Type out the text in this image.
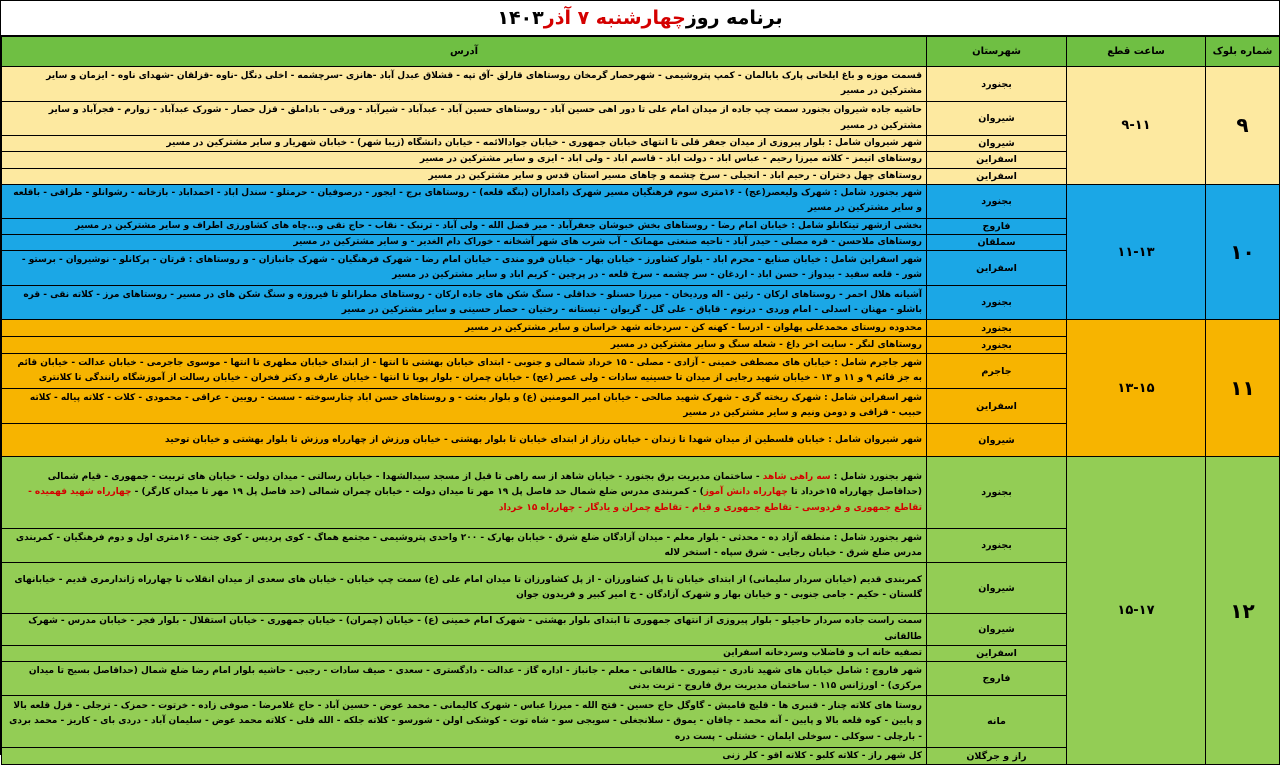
برنامه روز
چهارشنبه ۷ آذر
۱۴۰۳
شماره بلوک	ساعت قطع	شهرستان	آدرس
۹	۹-۱۱	بجنورد	قسمت موزه و باغ ایلخانی پارک بابالمان - کمپ پتروشیمی - شهرحصار گرمخان روستاهای قارلق -آق تپه - قشلاق عبدل آباد -هانزی -سرچشمه - اخلی دنگل -ناوه -قزلقان -شهدای ناوه - ایزمان و سایر مشترکین در مسیر
		شیروان	حاشیه جاده شیروان بجنورد سمت چپ جاده از میدان امام علی تا دور اهی حسین آباد - روستاهای حسین آباد - عبدآباد - شیرآباد - ورقی - باداملق - قزل حصار - شورک عبدآباد - زوارم - فجرآباد و سایر مشترکین در مسیر
		شیروان	شهر شیروان شامل : بلوار پیروزی از میدان جعفر قلی تا انتهای خیابان جمهوری - خیابان جوادالائمه - خیابان دانشگاه (زیبا شهر) - خیابان شهریار و سایر مشترکین در مسیر
		اسفراین	روستاهای اتیمز - کلاته میرزا رحیم - عباس اباد - دولت اباد - قاسم اباد - ولی اباد - ایزی و سایر مشترکین در مسیر
		اسفراین	روستاهای چهل دختران - رحیم اباد - انجیلی - سرخ چشمه و چاهای مسیر استان قدس و سایر مشترکین در مسیر
۱۰	۱۱-۱۳	بجنورد	شهر بجنورد شامل : شهرک ولیعصر(عج) - ۱۶متری سوم فرهنگیان مسیر شهرک دامداران (بنگه قلعه) - روستاهای برج - ایجور - درصوفیان - حرمتلو - سندل اباد - احمداباد - بازخانه - رشوانلو - طراقی - باقلعه و سایر مشترکین در مسیر
		فاروج	بخشی ازشهر تیتکانلو شامل : خیابان امام رضا - روستاهای بخش خبوشان جعفرآباد - میر قضل الله - ولی آباد - ترنبک - نقاب - حاج نقی و...چاه های کشاورزی اطراف و سایر مشترکین در مسیر
		سملقان	روستاهای ملاحسن - قره مصلی - حیدر آباد - ناحیه صنعتی مهمانک - آب شرب های شهر آشخانه - خوراک دام الغدیر - و سایر مشترکین در مسیر
		اسفراین	شهر اسفراین شامل : خیابان صنایع - محرم اباد - بلوار کشاورز - خیابان بهار - خیابان فرو مندی - خیابان امام رضا - شهرک فرهنگیان - شهرک جانبازان - و روستاهای : قرتان - پرکانلو - نوشیروان - برستو - شور - قلعه سفید - بیدواز - حسن اباد - اردغان - سر چشمه - سرخ قلعه - در پرچین - کریم اباد و سایر مشترکین در مسیر
		بجنورد	آشیانه هلال احمر - روستاهای ارکان - رئین - اله وردیخان - میرزا حسنلو - خداقلی - سنگ شکن های جاده ارکان - روستاهای مطرانلو تا فیروزه و سنگ شکن های در مسیر - روستاهای مرز - کلاته نقی - قره باشلو - مهنان - اسدلی - امام وردی - درنوم - قاپاق - علی گل - گریوان - تیستانه - رختیان - حصار حسینی و سایر مشترکین در مسیر
۱۱	۱۳-۱۵	بجنورد	محدوده روستای محمدعلی پهلوان - ادرسا - کهنه کن - سردخانه شهد خراسان و سایر مشترکین در مسیر
		بجنورد	روستاهای لنگر - سایت اخر داغ - شعله سنگ و سایر مشترکین در مسیر
		جاجرم	شهر جاجرم شامل : خیابان های مصطفی خمینی - آزادی - مصلی - ۱۵ خرداد شمالی و جنوبی - ابتدای خیابان بهشتی تا انتها - از ابتدای خیابان مطهری تا انتها - موسوی جاجرمی - خیابان عدالت - خیابان قائم به جز قائم ۹ و ۱۱ و ۱۳ - خیابان شهید رجایی از میدان تا حسینیه سادات - ولی عصر (عج) - خیابان چمران - بلوار پویا تا انتها - خیابان عارف و دکتر فخران - خیابان رسالت از آموزشگاه رانندگی تا کلانتری
		اسفراین	شهر اسفراین شامل : شهرک ریخته گری - شهرک شهید صالحی - خیابان امیر المومنین (ع) و بلوار بعثت - و روستاهای حسن اباد چنارسوخته - سست - رویین - عراقی - محمودی - کلات - کلاته پیاله - کلاته حبیب - قزاقی و دومن ونیم و سایر مشترکین در مسیر
		شیروان	شهر شیروان شامل : خیابان فلسطین از میدان شهدا تا زندان - خیابان رزاز از ابتدای خیابان تا بلوار بهشتی - خیابان ورزش از چهارراه ورزش تا بلوار بهشتی و خیابان توحید
۱۲	۱۵-۱۷	بجنورد	شهر بجنورد شامل : سه راهی شاهد - ساختمان مدیریت برق بجنورد - خیابان شاهد از سه راهی تا قبل از مسجد سیدالشهدا - خیابان رسالتی - میدان دولت - خیابان های تربیت - جمهوری - قیام شمالی (حداقاصل چهارراه ۱۵خرداد تا چهارراه دانش آموز) - کمربندی مدرس ضلع شمال حد فاصل پل ۱۹ مهر تا میدان دولت - خیابان چمران شمالی (حد فاصل پل ۱۹ مهر تا میدان کارگر) - چهارراه شهید فهمیده - تقاطع جمهوری و فردوسی - تقاطع جمهوری و قیام - تقاطع چمران و یادگار - چهارراه ۱۵ خرداد
		بجنورد	شهر بجنورد شامل : منطقه آزاد ده - محدثی - بلوار معلم - میدان آزادگان ضلع شرق - خیابان بهارک - ۲۰۰ واحدی پتروشیمی - مجتمع هماگ - کوی پردیس - کوی جنت - ۱۶متری اول و دوم فرهنگیان - کمربندی مدرس ضلع شرق - خیابان رجایی - شرق سپاه - استخر لاله
		شیروان	کمربندی قدیم (خیابان سردار سلیمانی) از ابتدای خیابان تا پل کشاورزان - از پل کشاورزان تا میدان امام علی (ع) سمت چپ خیابان - خیابان های سعدی از میدان انقلاب تا چهارراه ژاندارمری قدیم - خیابانهای گلستان - حکیم - جامی جنوبی - و خیابان بهار و شهرک آزادگان - خ امیر کبیر و فریدون جوان
		شیروان	سمت راست جاده سردار حاجیلو - بلوار پیروزی از انتهای جمهوری تا ابتدای بلوار بهشتی - شهرک امام خمینی (ع) - خیابان (چمران) - خیابان جمهوری - خیابان استقلال - بلوار فجر - خیابان مدرس - شهرک طالقانی
		اسفراین	تصفیه خانه اب و فاضلاب وسردخانه اسفراین
		فاروج	شهر فاروج : شامل خیابان های شهید نادری - تیموری - طالقانی - معلم - جانباز - اداره گاز - عدالت - دادگستری - سعدی - صیف سادات - رجبی - حاشیه بلوار امام رضا ضلع شمال (حداقاصل بسیج تا میدان مرکزی) - اورژانس ۱۱۵ - ساختمان مدیریت برق فاروج - تربت بدنی
		مانه	روستا های کلاته چنار - قنبری ها - قلیچ قامیش - گاوگل حاج حسین - فتح الله - میرزا عباس - شهرک کالیمانی - محمد عوض - حسین آباد - حاج غلامرضا - صوفی زاده - خرتوت - حمزک - ترجلی - قزل قلعه بالا و پایین - کوه قلعه بالا و پایین - آنه محمد - چاقان - یموق - سلانجغلی - سویجی سو - شاه توت - کوشکی اولن - شورسو - کلاته جلکه - الله قلی - کلاته محمد عوض - سلیمان آباد - دردی بای - کاریز - محمد بردی - بارچلی - سوکلی - سوخلی ایلمان - خشتلی - پست دره
		راز و جرگلان	کل شهر راز - کلاته کلبو - کلاته اقو - کلر زنی
